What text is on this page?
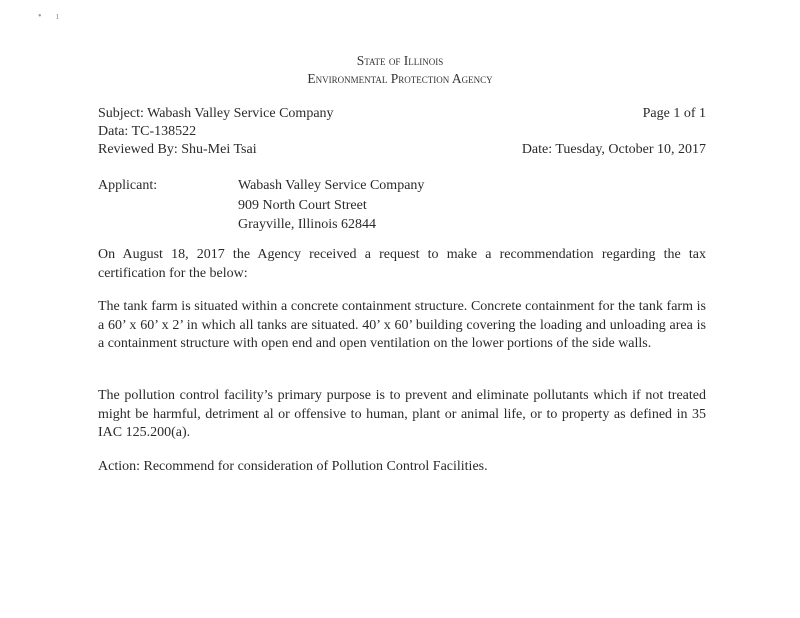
• ı
State of Illinois
Environmental Protection Agency
Subject: Wabash Valley Service Company	Page 1 of 1
Data: TC-138522
Reviewed By: Shu-Mei Tsai	Date: Tuesday, October 10, 2017
Applicant:	Wabash Valley Service Company
909 North Court Street
Grayville, Illinois 62844

On August 18, 2017 the Agency received a request to make a recommendation regarding the tax certification for the below:

The tank farm is situated within a concrete containment structure. Concrete containment for the tank farm is a 60’ x 60’ x 2’ in which all tanks are situated. 40’ x 60’ building covering the loading and unloading area is a containment structure with open end and open ventilation on the lower portions of the side walls.

The pollution control facility’s primary purpose is to prevent and eliminate pollutants which if not treated might be harmful, detriment al or offensive to human, plant or animal life, or to property as defined in 35 IAC 125.200(a).

Action: Recommend for consideration of Pollution Control Facilities.
